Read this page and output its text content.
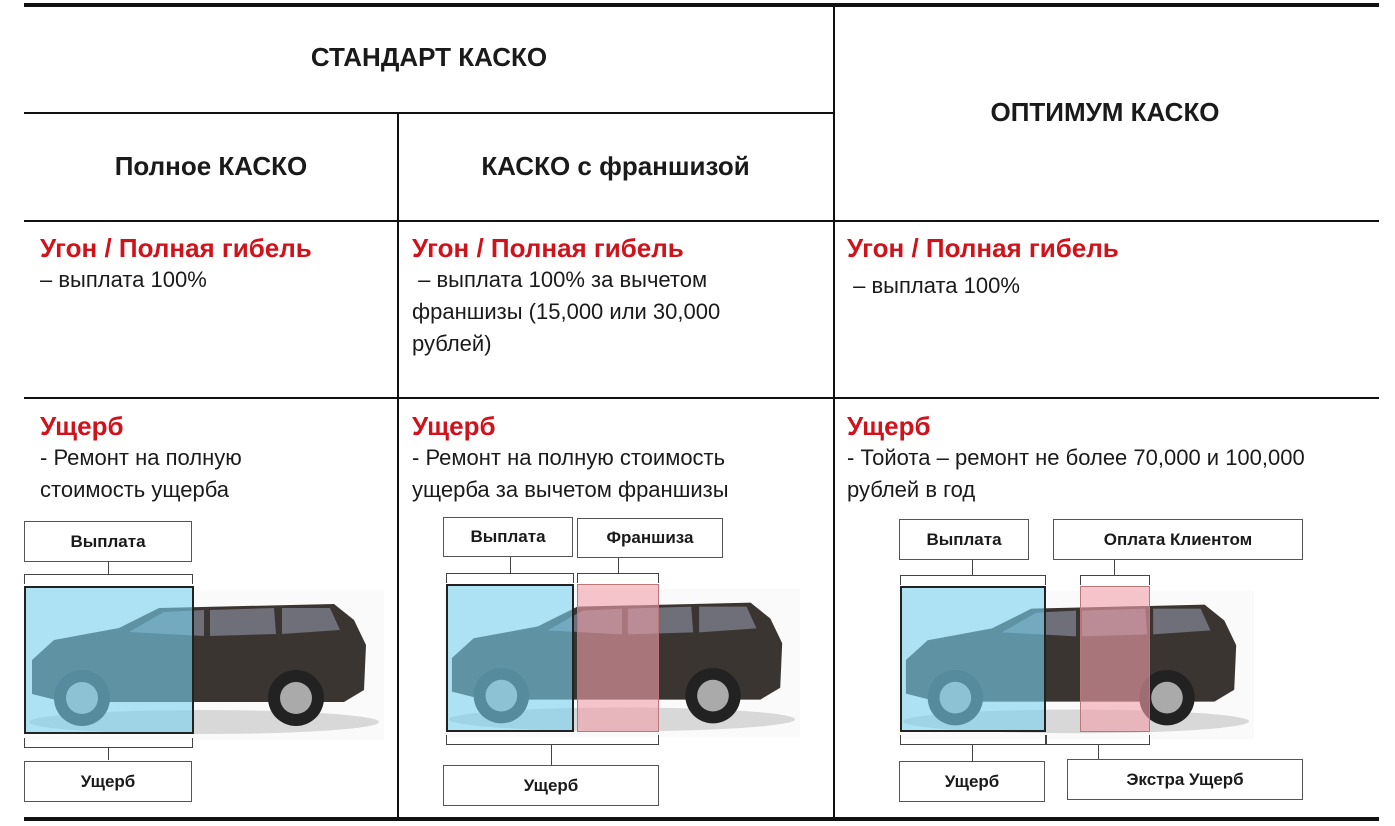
СТАНДАРТ КАСКО
ОПТИМУМ КАСКО
Полное КАСКО	КАСКО с франшизой
Угон / Полная гибель
– выплата 100%
Угон / Полная гибель
– выплата 100% за вычетом
франшизы (15,000 или 30,000
рублей)
Угон / Полная гибель
– выплата 100%
Ущерб
- Ремонт на полную
стоимость ущерба
Ущерб
- Ремонт на полную стоимость
ущерба за вычетом франшизы
Ущерб
- Тойота – ремонт не более 70,000 и 100,000
рублей в год
Выплата
Ущерб
Выплата	Франшиза
Ущерб
Выплата	Оплата Клиентом
Ущерб	Экстра Ущерб
